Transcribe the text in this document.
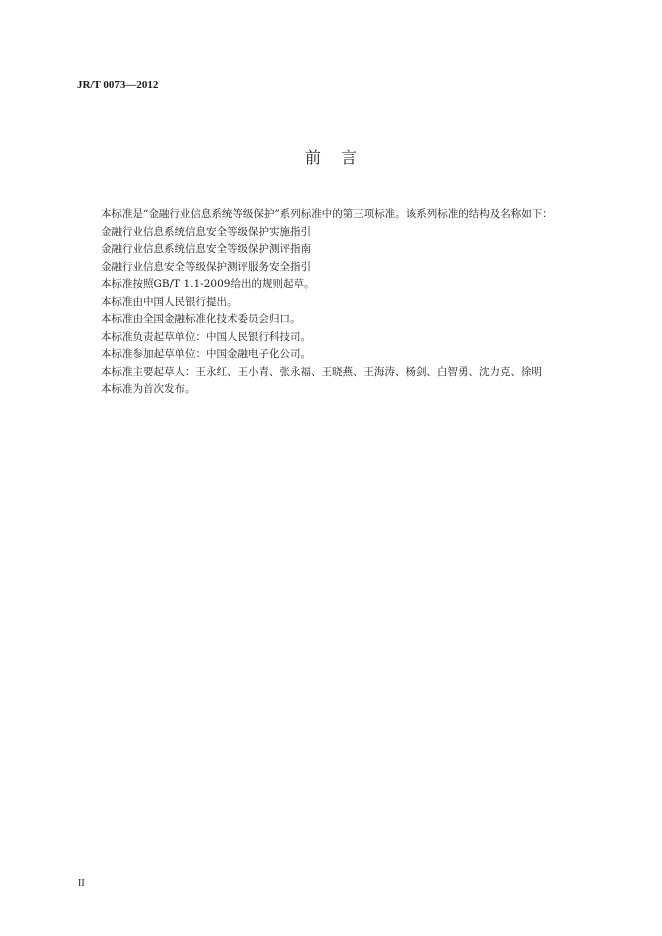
JR/T 0073—2012
前言
本标准是“金融行业信息系统等级保护”系列标准中的第三项标准。该系列标准的结构及名称如下：
金融行业信息系统信息安全等级保护实施指引
金融行业信息系统信息安全等级保护测评指南
金融行业信息安全等级保护测评服务安全指引
本标准按照GB/T 1.1-2009给出的规则起草。
本标准由中国人民银行提出。
本标准由全国金融标准化技术委员会归口。
本标准负责起草单位：中国人民银行科技司。
本标准参加起草单位：中国金融电子化公司。
本标准主要起草人：王永红、王小青、张永福、王晓燕、王海涛、杨剑、白智勇、沈力克、徐明
本标准为首次发布。
II
